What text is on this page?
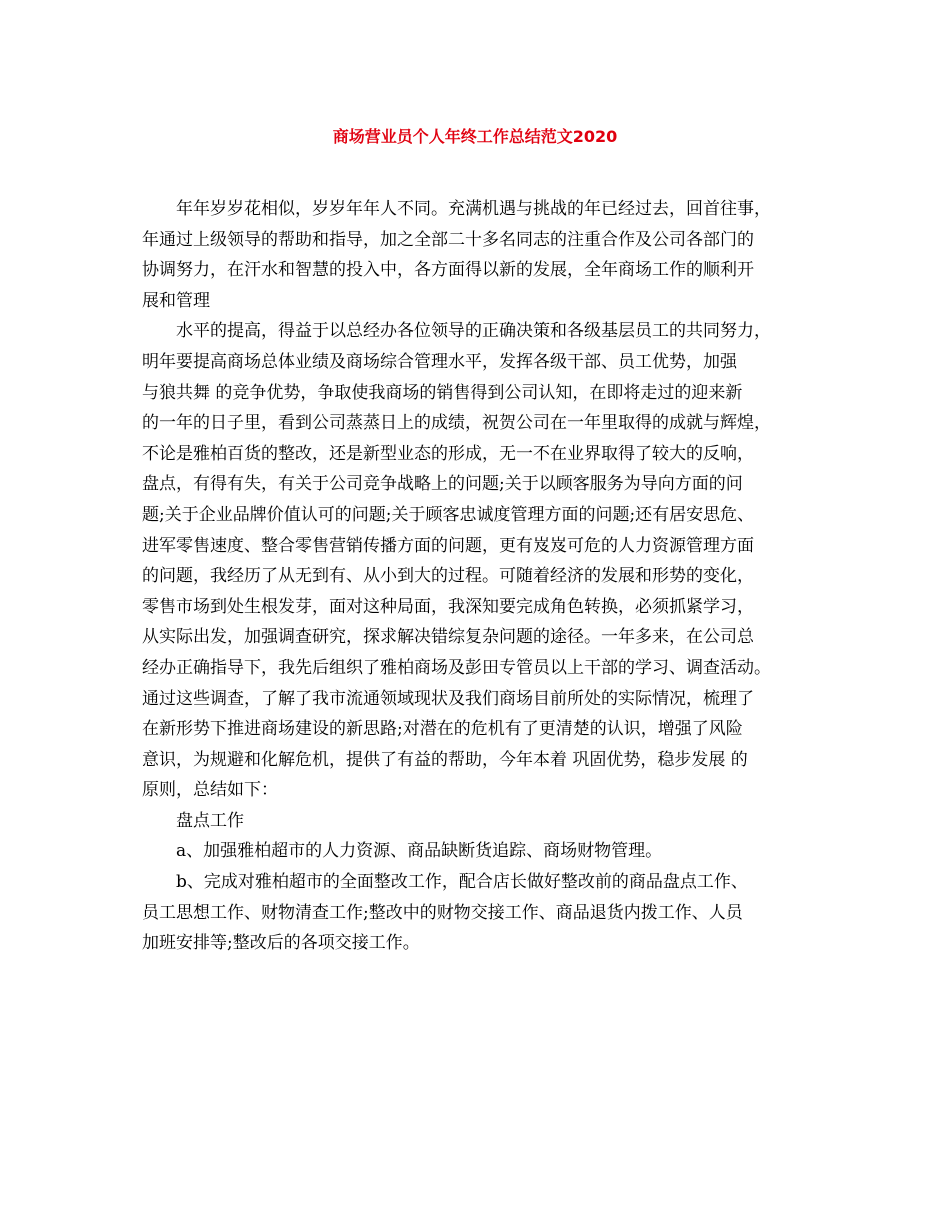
商场营业员个人年终工作总结范文2020
年年岁岁花相似，岁岁年年人不同。充满机遇与挑战的年已经过去，回首往事，
年通过上级领导的帮助和指导，加之全部二十多名同志的注重合作及公司各部门的
协调努力，在汗水和智慧的投入中，各方面得以新的发展，全年商场工作的顺利开
展和管理
水平的提高，得益于以总经办各位领导的正确决策和各级基层员工的共同努力，
明年要提高商场总体业绩及商场综合管理水平，发挥各级干部、员工优势，加强
与狼共舞 的竞争优势，争取使我商场的销售得到公司认知，在即将走过的迎来新
的一年的日子里，看到公司蒸蒸日上的成绩，祝贺公司在一年里取得的成就与辉煌，
不论是雅柏百货的整改，还是新型业态的形成，无一不在业界取得了较大的反响，
盘点，有得有失，有关于公司竞争战略上的问题;关于以顾客服务为导向方面的问
题;关于企业品牌价值认可的问题;关于顾客忠诚度管理方面的问题;还有居安思危、
进军零售速度、整合零售营销传播方面的问题，更有岌岌可危的人力资源管理方面
的问题，我经历了从无到有、从小到大的过程。可随着经济的发展和形势的变化，
零售市场到处生根发芽，面对这种局面，我深知要完成角色转换，必须抓紧学习，
从实际出发，加强调查研究，探求解决错综复杂问题的途径。一年多来，在公司总
经办正确指导下，我先后组织了雅柏商场及彭田专管员以上干部的学习、调查活动。
通过这些调查，了解了我市流通领域现状及我们商场目前所处的实际情况，梳理了
在新形势下推进商场建设的新思路;对潜在的危机有了更清楚的认识，增强了风险
意识，为规避和化解危机，提供了有益的帮助，今年本着 巩固优势，稳步发展 的
原则，总结如下：
盘点工作
a、加强雅柏超市的人力资源、商品缺断货追踪、商场财物管理。
b、完成对雅柏超市的全面整改工作，配合店长做好整改前的商品盘点工作、
员工思想工作、财物清查工作;整改中的财物交接工作、商品退货内拨工作、人员
加班安排等;整改后的各项交接工作。
